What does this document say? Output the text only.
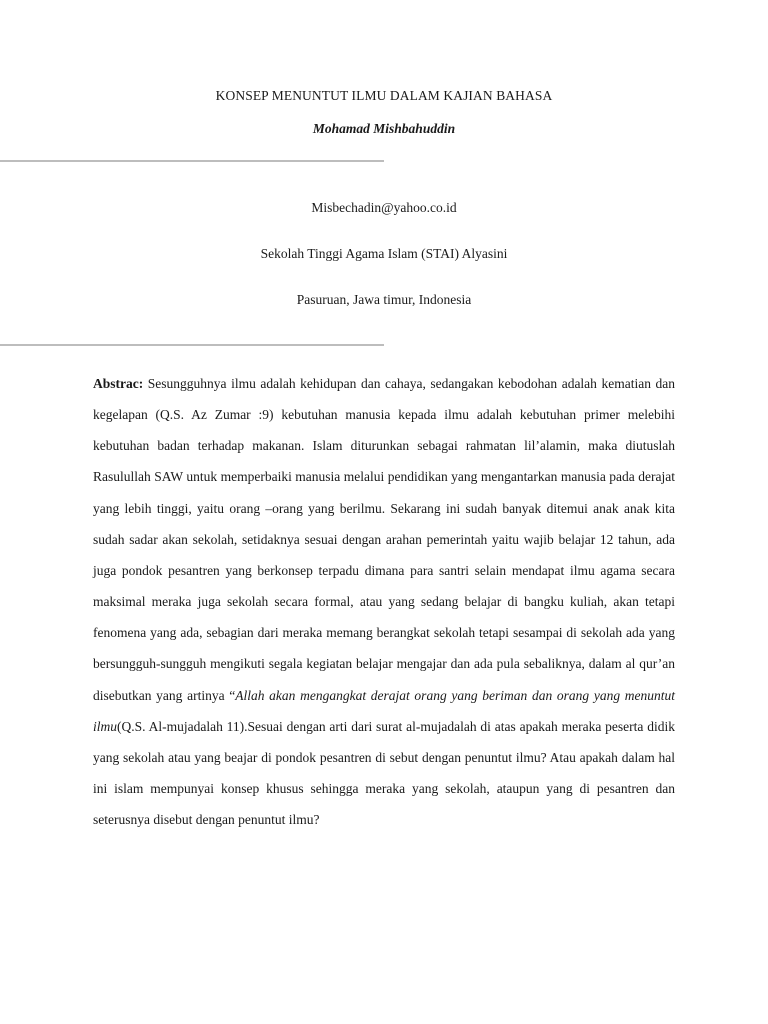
KONSEP MENUNTUT ILMU DALAM KAJIAN BAHASA
Mohamad Mishbahuddin
Misbechadin@yahoo.co.id
Sekolah Tinggi Agama Islam (STAI) Alyasini
Pasuruan, Jawa timur, Indonesia

Abstrac: Sesungguhnya ilmu adalah kehidupan dan cahaya, sedangakan kebodohan adalah kematian dan kegelapan (Q.S. Az Zumar :9) kebutuhan manusia kepada ilmu adalah kebutuhan primer melebihi kebutuhan badan terhadap makanan. Islam diturunkan sebagai rahmatan lil’alamin, maka diutuslah Rasulullah SAW untuk memperbaiki manusia melalui pendidikan yang mengantarkan manusia pada derajat yang lebih tinggi, yaitu orang –orang yang berilmu. Sekarang ini sudah banyak ditemui anak anak kita sudah sadar akan sekolah, setidaknya sesuai dengan arahan pemerintah yaitu wajib belajar 12 tahun, ada juga pondok pesantren yang berkonsep terpadu dimana para santri selain mendapat ilmu agama secara maksimal meraka juga sekolah secara formal, atau yang sedang belajar di bangku kuliah, akan tetapi fenomena yang ada, sebagian dari meraka memang berangkat sekolah tetapi sesampai di sekolah ada yang bersungguh-sungguh mengikuti segala kegiatan belajar mengajar dan ada pula sebaliknya, dalam al qur’an disebutkan yang artinya “Allah akan mengangkat derajat orang yang beriman dan orang yang menuntut ilmu(Q.S. Al-mujadalah 11).Sesuai dengan arti dari surat al-mujadalah di atas apakah meraka peserta didik yang sekolah atau yang beajar di pondok pesantren di sebut dengan penuntut ilmu? Atau apakah dalam hal ini islam mempunyai konsep khusus sehingga meraka yang sekolah, ataupun yang di pesantren dan seterusnya disebut dengan penuntut ilmu?
